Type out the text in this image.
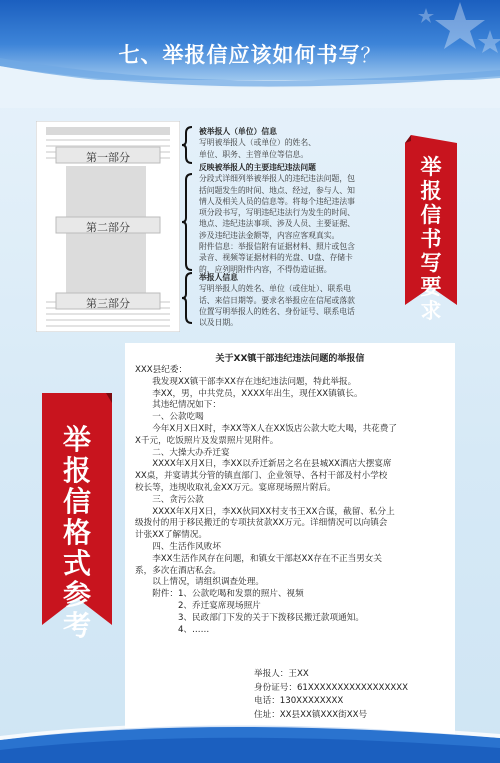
七、举报信应该如何书写？
第一部分
第二部分
第三部分
被举报人（单位）信息
写明被举报人（或单位）的姓名、
单位、职务、主管单位等信息。
反映被举报人的主要违纪违法问题
分段式详细列举被举报人的违纪违法问题，包
括问题发生的时间、地点、经过，参与人、知
情人及相关人员的信息等。将每个违纪违法事
项分段书写，写明违纪违法行为发生的时间、
地点、违纪违法事项、涉及人员、主要证据、
涉及违纪违法金额等，内容应客观真实。
附件信息：举报信附有证据材料、照片或包含
录音、视频等证据材料的光盘、U盘、存储卡
的，应列明附件内容，不得伪造证据。
举报人信息
写明举报人的姓名、单位（或住址）、联系电
话、来信日期等。要求名举报应在信尾或落款
位置写明举报人的姓名、身份证号、联系电话
以及日期。
举报信书写要求
举报信格式参考
关于XX镇干部违纪违法问题的举报信
XXX县纪委：
　　我发现XX镇干部李XX存在违纪违法问题，特此举报。
　　李XX，男，中共党员，XXXX年出生，现任XX镇镇长。
　　其违纪情况如下：
　　一、公款吃喝
　　今年X月X日X时，李XX等X人在XX饭店公款大吃大喝，共花费了
X千元，吃饭照片及发票照片见附件。
　　二、大操大办乔迁宴
　　XXXX年X月X日，李XX以乔迁新居之名在县城XX酒店大摆宴席
XX桌，并宴请其分管的镇直部门、企业领导、各村干部及村小学校
校长等，违规收取礼金XX万元。宴席现场照片附后。
　　三、贪污公款
　　XXXX年X月X日，李XX伙同XX村支书王XX合谋，截留、私分上
级拨付的用于移民搬迁的专项扶贫款XX万元。详细情况可以向镇会
计张XX了解情况。
　　四、生活作风败坏
　　李XX生活作风存在问题，和镇女干部赵XX存在不正当男女关
系，多次在酒店私会。
　　以上情况，请组织调查处理。
　　附件：1、公款吃喝和发票的照片、视频
　　　　　2、乔迁宴席现场照片
　　　　　3、民政部门下发的关于下拨移民搬迁款项通知。
　　　　　4、……
举报人：王XX
身份证号：61XXXXXXXXXXXXXXXXX
电话：130XXXXXXXX
住址：XX县XX镇XXX街XX号
